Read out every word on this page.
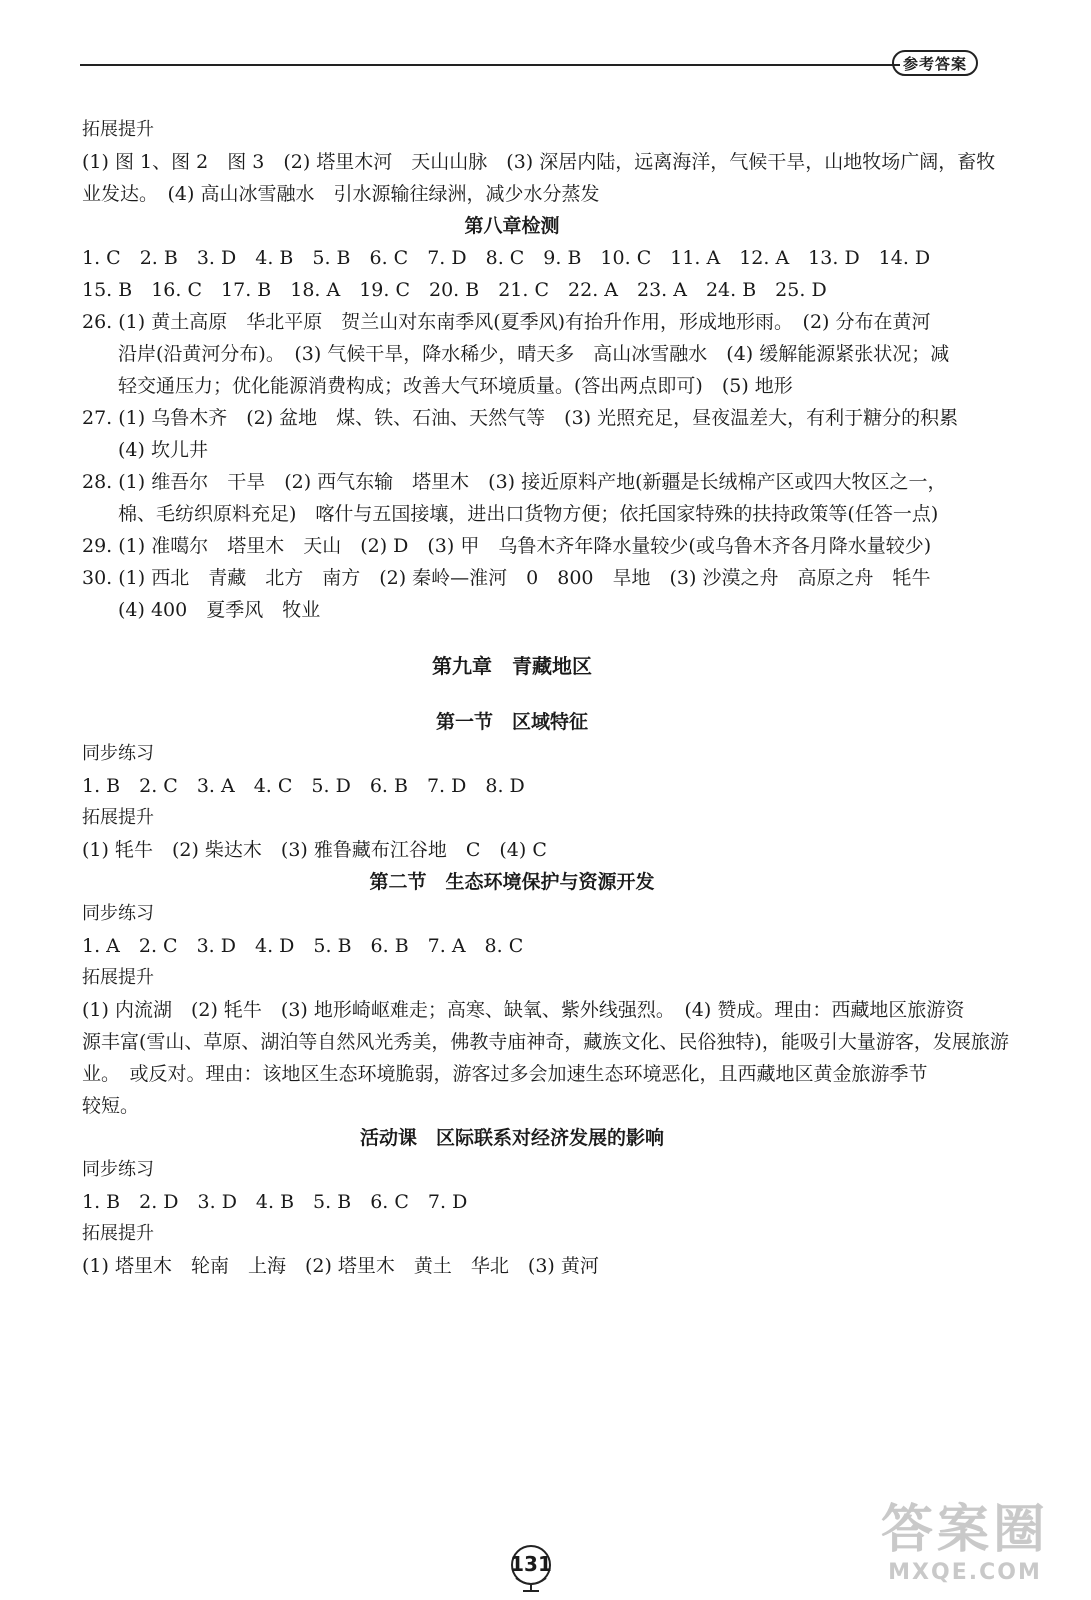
参考答案
拓展提升
(1) 图 1、图 2　图 3　(2) 塔里木河　天山山脉　(3) 深居内陆，远离海洋，气候干旱，山地牧场广阔，畜牧
业发达。　(4) 高山冰雪融水　引水源输往绿洲，减少水分蒸发
第八章检测
1. C　2. B　3. D　4. B　5. B　6. C　7. D　8. C　9. B　10. C　11. A　12. A　13. D　14. D
15. B　16. C　17. B　18. A　19. C　20. B　21. C　22. A　23. A　24. B　25. D
26. (1) 黄土高原　华北平原　贺兰山对东南季风(夏季风)有抬升作用，形成地形雨。　(2) 分布在黄河
沿岸(沿黄河分布)。　(3) 气候干旱，降水稀少，晴天多　高山冰雪融水　(4) 缓解能源紧张状况；减
轻交通压力；优化能源消费构成；改善大气环境质量。(答出两点即可)　(5) 地形
27. (1) 乌鲁木齐　(2) 盆地　煤、铁、石油、天然气等　(3) 光照充足，昼夜温差大，有利于糖分的积累
(4) 坎儿井
28. (1) 维吾尔　干旱　(2) 西气东输　塔里木　(3) 接近原料产地(新疆是长绒棉产区或四大牧区之一，
棉、毛纺织原料充足)　喀什与五国接壤，进出口货物方便；依托国家特殊的扶持政策等(任答一点)
29. (1) 准噶尔　塔里木　天山　(2) D　(3) 甲　乌鲁木齐年降水量较少(或乌鲁木齐各月降水量较少)
30. (1) 西北　青藏　北方　南方　(2) 秦岭—淮河　0　800　旱地　(3) 沙漠之舟　高原之舟　牦牛
(4) 400　夏季风　牧业
第九章　青藏地区
第一节　区域特征
同步练习
1. B　2. C　3. A　4. C　5. D　6. B　7. D　8. D
拓展提升
(1) 牦牛　(2) 柴达木　(3) 雅鲁藏布江谷地　C　(4) C
第二节　生态环境保护与资源开发
同步练习
1. A　2. C　3. D　4. D　5. B　6. B　7. A　8. C
拓展提升
(1) 内流湖　(2) 牦牛　(3) 地形崎岖难走；高寒、缺氧、紫外线强烈。　(4) 赞成。理由：西藏地区旅游资
源丰富(雪山、草原、湖泊等自然风光秀美，佛教寺庙神奇，藏族文化、民俗独特)，能吸引大量游客，发展旅游
业。　或反对。理由：该地区生态环境脆弱，游客过多会加速生态环境恶化，且西藏地区黄金旅游季节
较短。
活动课　区际联系对经济发展的影响
同步练习
1. B　2. D　3. D　4. B　5. B　6. C　7. D
拓展提升
(1) 塔里木　轮南　上海　(2) 塔里木　黄土　华北　(3) 黄河
131
答案圈
MXQE.COM
